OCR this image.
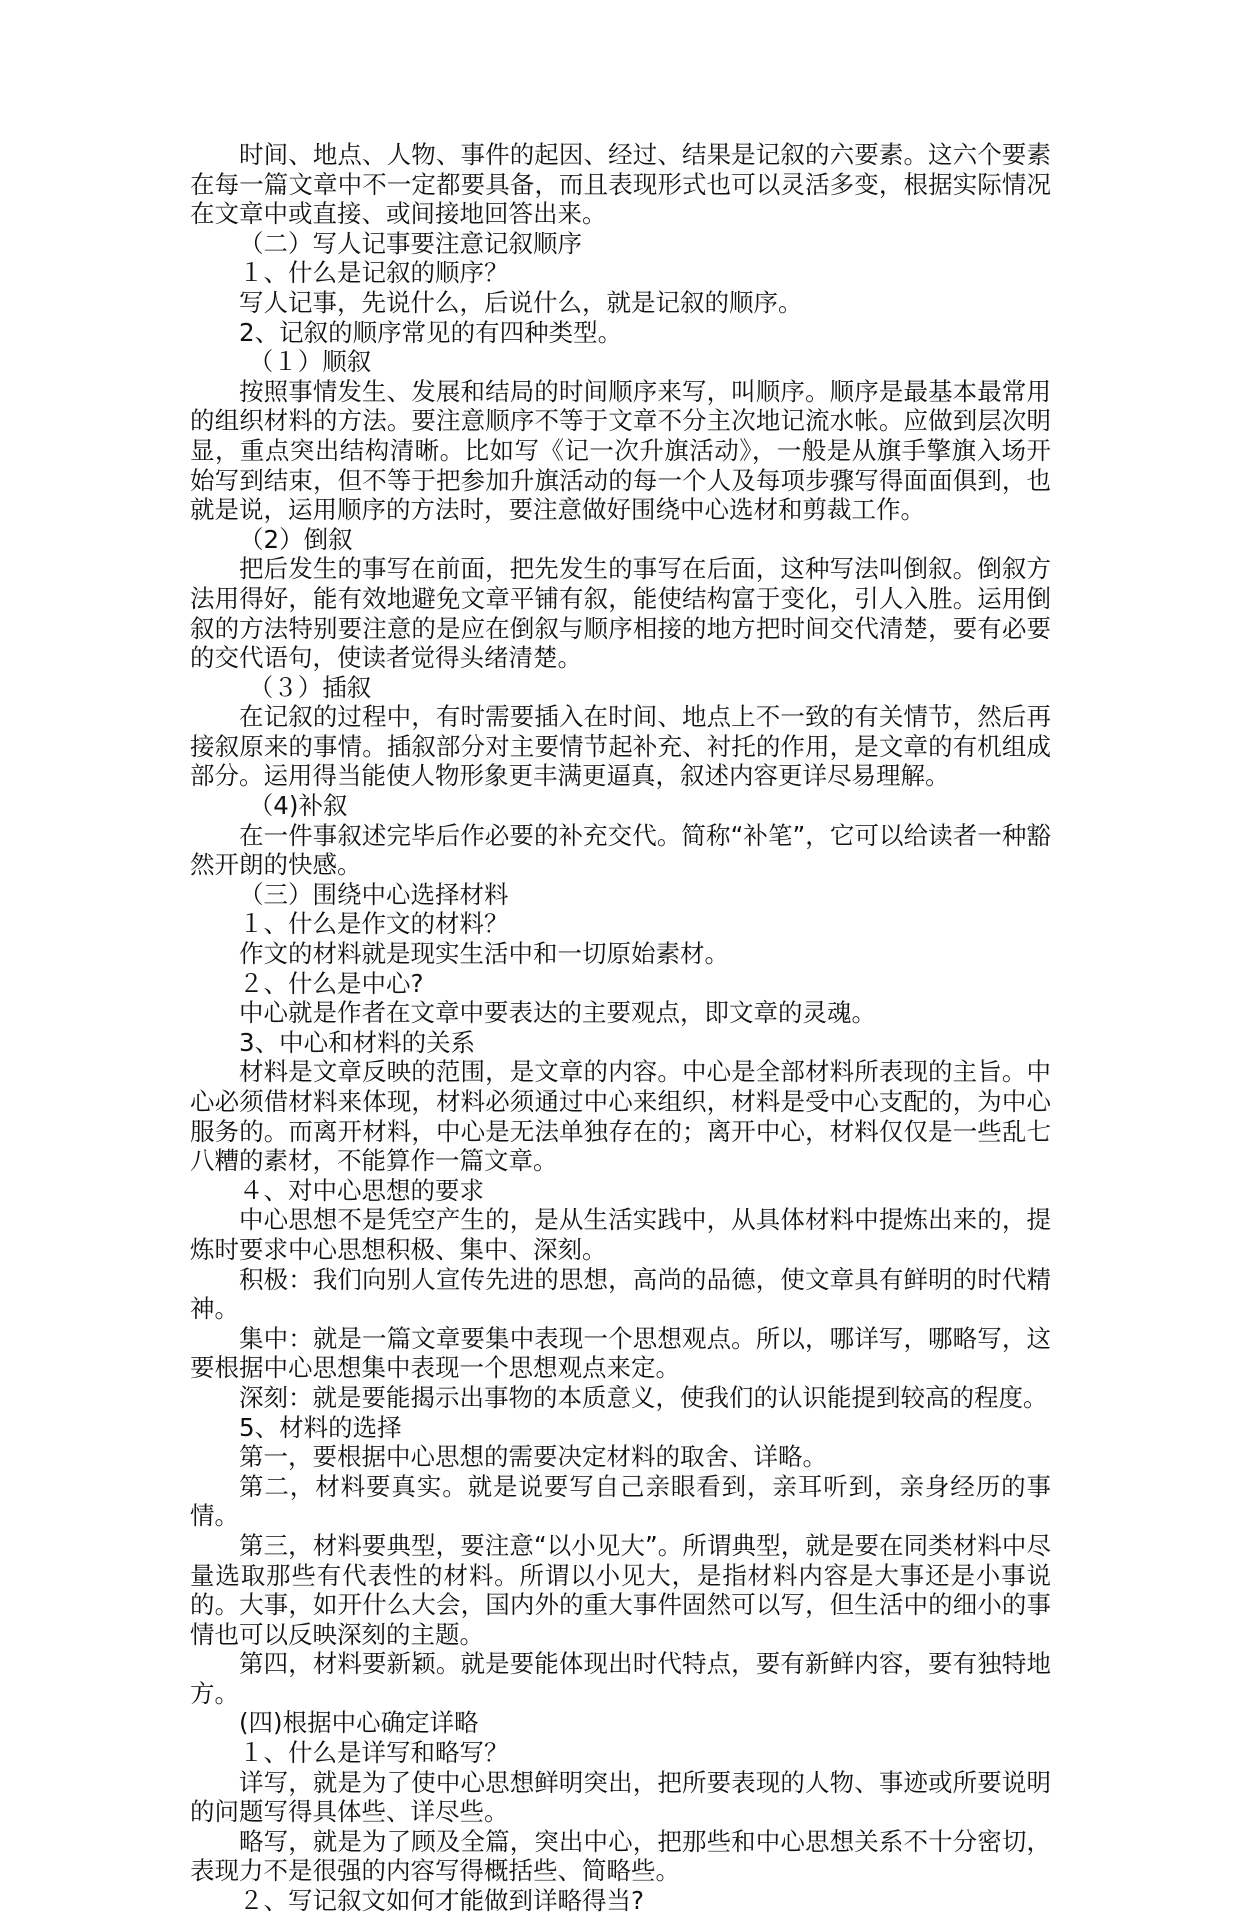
时间、地点、人物、事件的起因、经过、结果是记叙的六要素。这六个要素在每一篇文章中不一定都要具备，而且表现形式也可以灵活多变，根据实际情况在文章中或直接、或间接地回答出来。

（二）写人记事要注意记叙顺序

１、什么是记叙的顺序？

写人记事，先说什么，后说什么，就是记叙的顺序。

2、记叙的顺序常见的有四种类型。

（１）顺叙

按照事情发生、发展和结局的时间顺序来写，叫顺序。顺序是最基本最常用的组织材料的方法。要注意顺序不等于文章不分主次地记流水帐。应做到层次明显，重点突出结构清晰。比如写《记一次升旗活动》，一般是从旗手擎旗入场开始写到结束，但不等于把参加升旗活动的每一个人及每项步骤写得面面俱到，也就是说，运用顺序的方法时，要注意做好围绕中心选材和剪裁工作。

（2）倒叙

把后发生的事写在前面，把先发生的事写在后面，这种写法叫倒叙。倒叙方法用得好，能有效地避免文章平铺有叙，能使结构富于变化，引人入胜。运用倒叙的方法特别要注意的是应在倒叙与顺序相接的地方把时间交代清楚，要有必要的交代语句，使读者觉得头绪清楚。

（３）插叙

在记叙的过程中，有时需要插入在时间、地点上不一致的有关情节，然后再接叙原来的事情。插叙部分对主要情节起补充、衬托的作用，是文章的有机组成部分。运用得当能使人物形象更丰满更逼真，叙述内容更详尽易理解。

（4)补叙

在一件事叙述完毕后作必要的补充交代。简称“补笔”，它可以给读者一种豁然开朗的快感。

（三）围绕中心选择材料

１、什么是作文的材料？

作文的材料就是现实生活中和一切原始素材。

２、什么是中心?

中心就是作者在文章中要表达的主要观点，即文章的灵魂。

3、中心和材料的关系

材料是文章反映的范围，是文章的内容。中心是全部材料所表现的主旨。中心必须借材料来体现，材料必须通过中心来组织，材料是受中心支配的，为中心服务的。而离开材料，中心是无法单独存在的；离开中心，材料仅仅是一些乱七八糟的素材，不能算作一篇文章。

４、对中心思想的要求

中心思想不是凭空产生的，是从生活实践中，从具体材料中提炼出来的，提炼时要求中心思想积极、集中、深刻。

积极：我们向别人宣传先进的思想，高尚的品德，使文章具有鲜明的时代精神。

集中：就是一篇文章要集中表现一个思想观点。所以，哪详写，哪略写，这要根据中心思想集中表现一个思想观点来定。

深刻：就是要能揭示出事物的本质意义，使我们的认识能提到较高的程度。

5、材料的选择

第一，要根据中心思想的需要决定材料的取舍、详略。

第二，材料要真实。就是说要写自己亲眼看到，亲耳听到，亲身经历的事情。

第三，材料要典型，要注意“以小见大”。所谓典型，就是要在同类材料中尽量选取那些有代表性的材料。所谓以小见大，是指材料内容是大事还是小事说的。大事，如开什么大会，国内外的重大事件固然可以写，但生活中的细小的事情也可以反映深刻的主题。

第四，材料要新颖。就是要能体现出时代特点，要有新鲜内容，要有独特地方。

(四)根据中心确定详略

１、什么是详写和略写？

详写，就是为了使中心思想鲜明突出，把所要表现的人物、事迹或所要说明的问题写得具体些、详尽些。

略写，就是为了顾及全篇，突出中心，把那些和中心思想关系不十分密切，表现力不是很强的内容写得概括些、简略些。

２、写记叙文如何才能做到详略得当?
